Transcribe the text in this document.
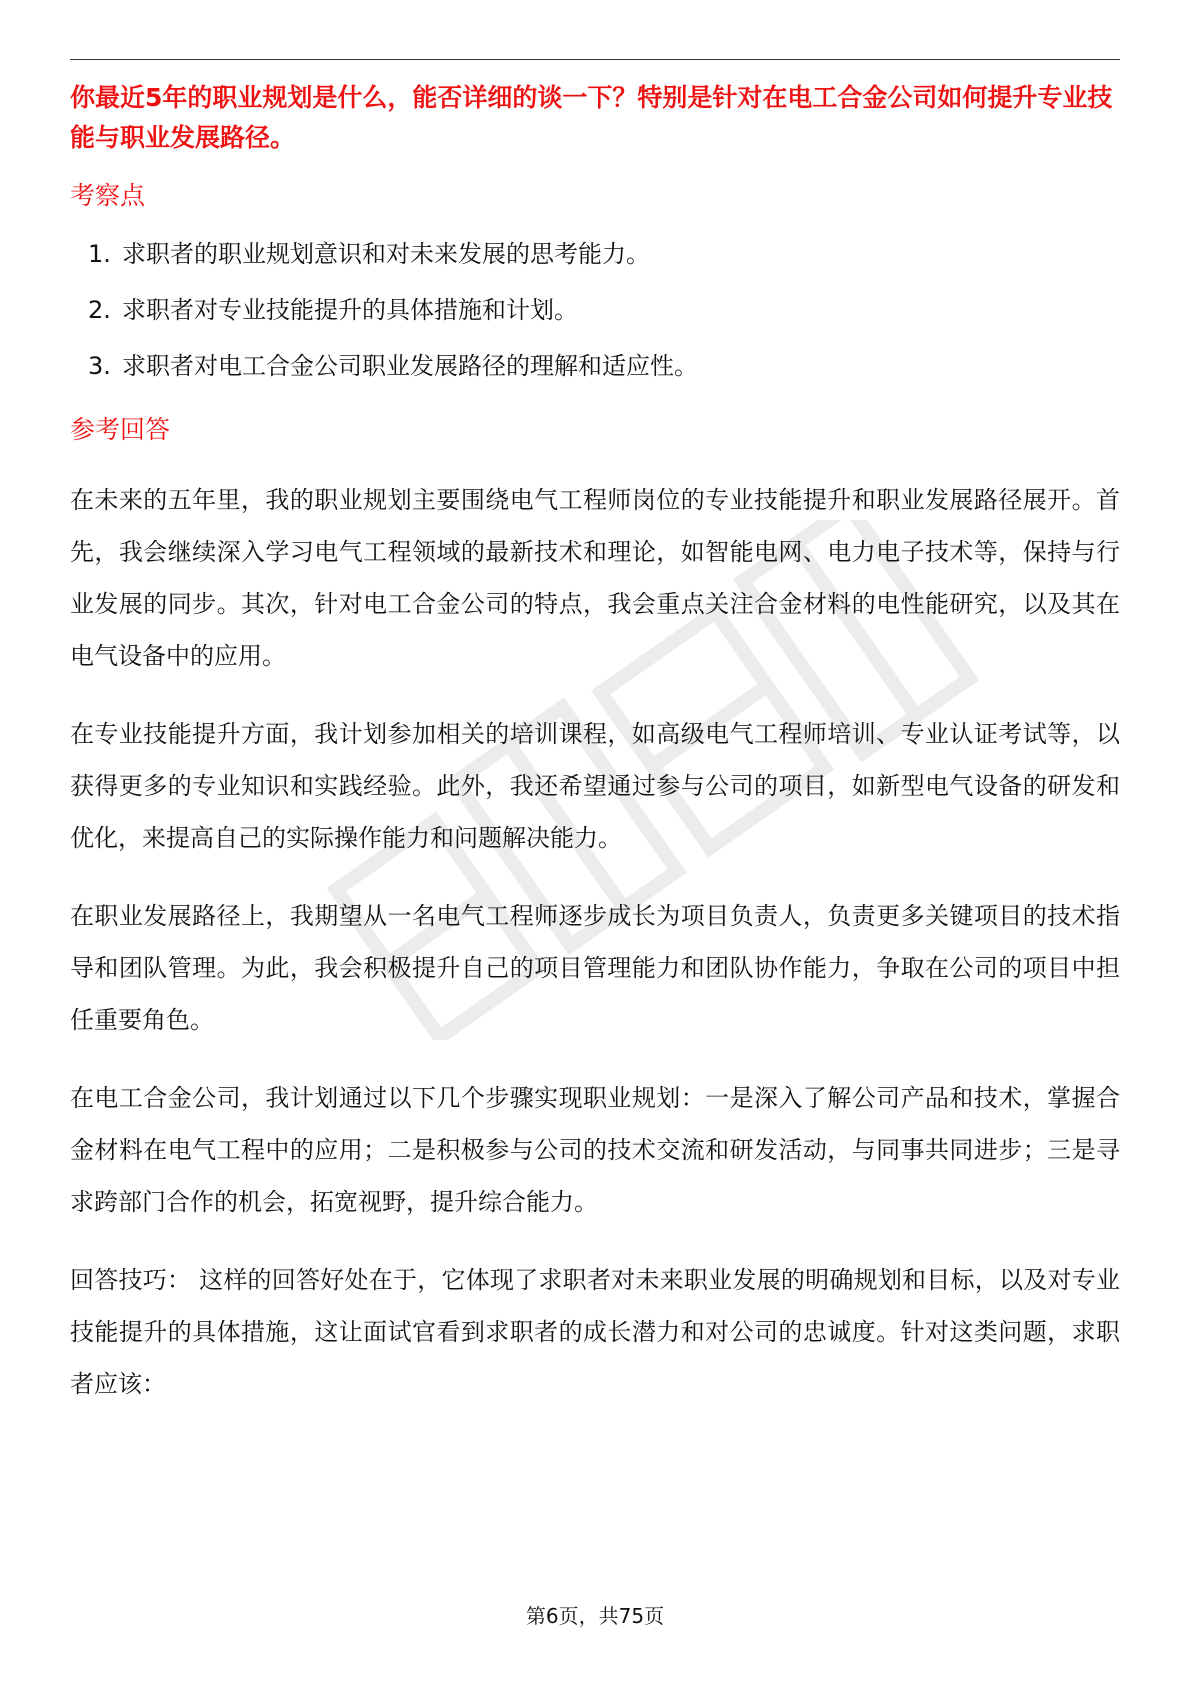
你最近5年的职业规划是什么，能否详细的谈一下？特别是针对在电工合金公司如何提升专业技能与职业发展路径。

考察点
1. 求职者的职业规划意识和对未来发展的思考能力。
2. 求职者对专业技能提升的具体措施和计划。
3. 求职者对电工合金公司职业发展路径的理解和适应性。
参考回答

在未来的五年里，我的职业规划主要围绕电气工程师岗位的专业技能提升和职业发展路径展开。首先，我会继续深入学习电气工程领域的最新技术和理论，如智能电网、电力电子技术等，保持与行业发展的同步。其次，针对电工合金公司的特点，我会重点关注合金材料的电性能研究，以及其在电气设备中的应用。

在专业技能提升方面，我计划参加相关的培训课程，如高级电气工程师培训、专业认证考试等，以获得更多的专业知识和实践经验。此外，我还希望通过参与公司的项目，如新型电气设备的研发和优化，来提高自己的实际操作能力和问题解决能力。

在职业发展路径上，我期望从一名电气工程师逐步成长为项目负责人，负责更多关键项目的技术指导和团队管理。为此，我会积极提升自己的项目管理能力和团队协作能力，争取在公司的项目中担任重要角色。

在电工合金公司，我计划通过以下几个步骤实现职业规划：一是深入了解公司产品和技术，掌握合金材料在电气工程中的应用；二是积极参与公司的技术交流和研发活动，与同事共同进步；三是寻求跨部门合作的机会，拓宽视野，提升综合能力。

回答技巧： 这样的回答好处在于，它体现了求职者对未来职业发展的明确规划和目标，以及对专业技能提升的具体措施，这让面试官看到求职者的成长潜力和对公司的忠诚度。针对这类问题，求职者应该：

第6页，共75页
